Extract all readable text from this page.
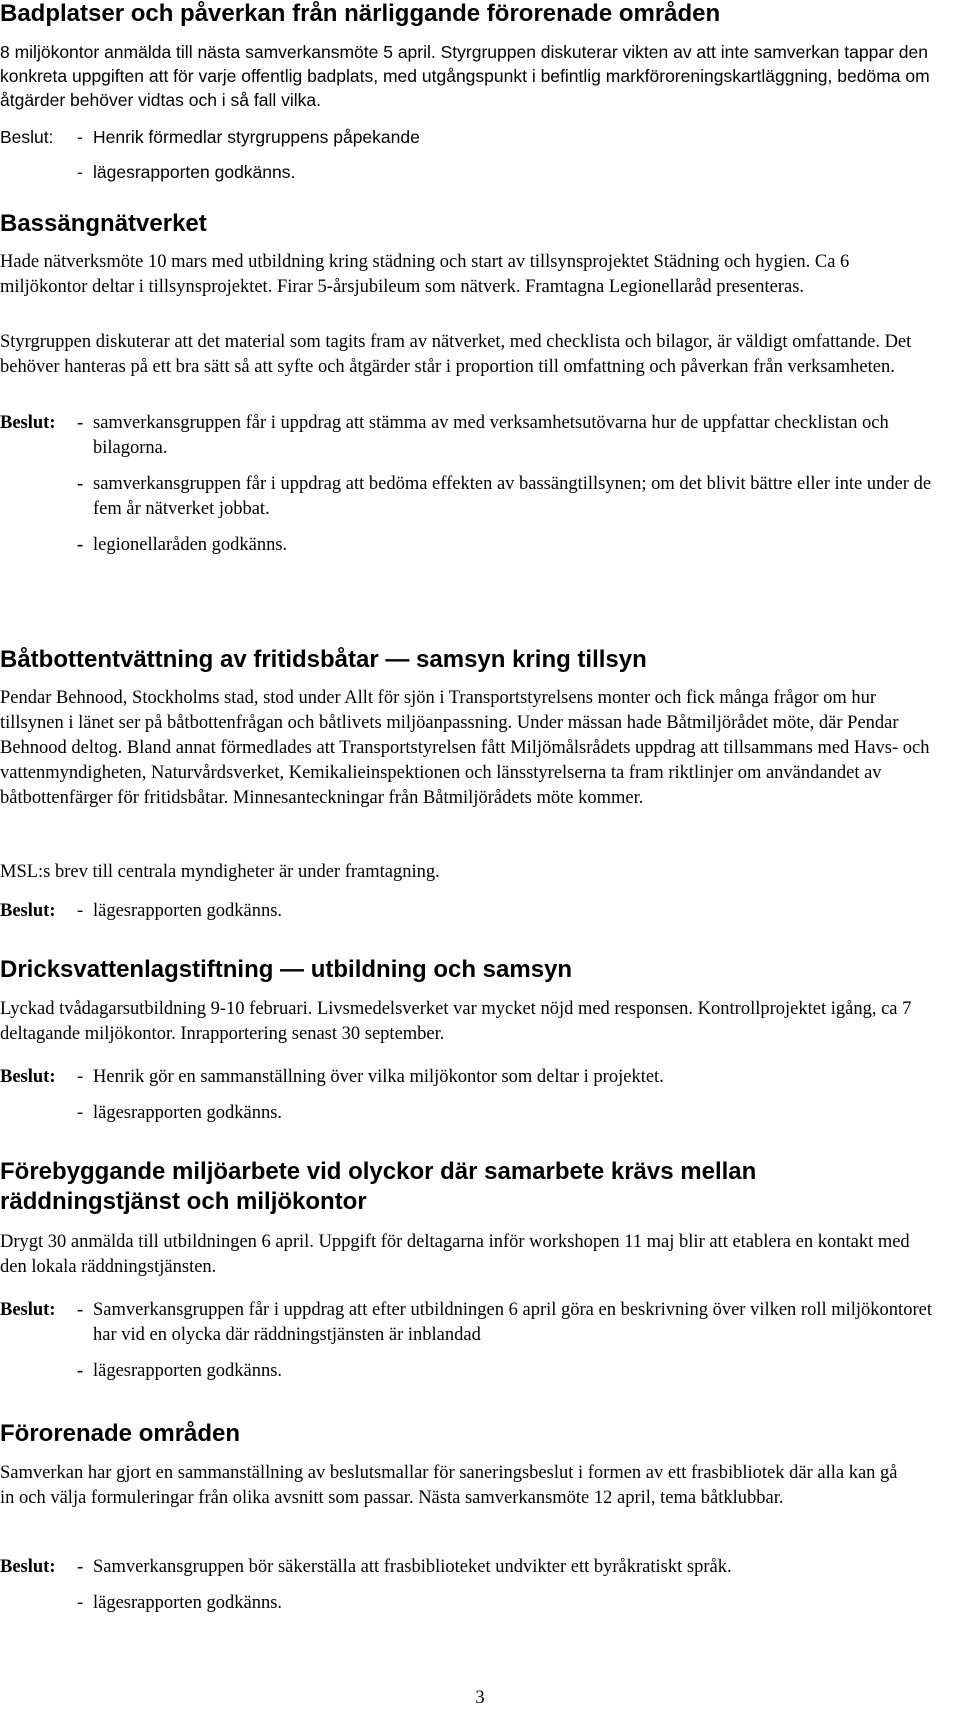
Badplatser och påverkan från närliggande förorenade områden

8 miljökontor anmälda till nästa samverkansmöte 5 april. Styrgruppen diskuterar vikten av att inte samverkan tappar den konkreta uppgiften att för varje offentlig badplats, med utgångspunkt i befintlig markföroreningskartläggning, bedöma om åtgärder behöver vidtas och i så fall vilka.

Beslut: - Henrik förmedlar styrgruppens påpekande
- lägesrapporten godkänns.
Bassängnätverket

Hade nätverksmöte 10 mars med utbildning kring städning och start av tillsynsprojektet Städning och hygien. Ca 6 miljökontor deltar i tillsynsprojektet. Firar 5-årsjubileum som nätverk. Framtagna Legionellaråd presenteras.

Styrgruppen diskuterar att det material som tagits fram av nätverket, med checklista och bilagor, är väldigt omfattande. Det behöver hanteras på ett bra sätt så att syfte och åtgärder står i proportion till omfattning och påverkan från verksamheten.

Beslut: - samverkansgruppen får i uppdrag att stämma av med verksamhetsutövarna hur de uppfattar checklistan och bilagorna.
- samverkansgruppen får i uppdrag att bedöma effekten av bassängtillsynen; om det blivit bättre eller inte under de fem år nätverket jobbat.
- legionellaråden godkänns.
Båtbottentvättning av fritidsbåtar — samsyn kring tillsyn

Pendar Behnood, Stockholms stad, stod under Allt för sjön i Transportstyrelsens monter och fick många frågor om hur tillsynen i länet ser på båtbottenfrågan och båtlivets miljöanpassning. Under mässan hade Båtmiljörådet möte, där Pendar Behnood deltog. Bland annat förmedlades att Transportstyrelsen fått Miljömålsrådets uppdrag att tillsammans med Havs- och vattenmyndigheten, Naturvårdsverket, Kemikalieinspektionen och länsstyrelserna ta fram riktlinjer om användandet av båtbottenfärger för fritidsbåtar. Minnesanteckningar från Båtmiljörådets möte kommer.

MSL:s brev till centrala myndigheter är under framtagning.

Beslut: - lägesrapporten godkänns.
Dricksvattenlagstiftning — utbildning och samsyn

Lyckad tvådagarsutbildning 9-10 februari. Livsmedelsverket var mycket nöjd med responsen. Kontrollprojektet igång, ca 7 deltagande miljökontor. Inrapportering senast 30 september.

Beslut: - Henrik gör en sammanställning över vilka miljökontor som deltar i projektet.
- lägesrapporten godkänns.
Förebyggande miljöarbete vid olyckor där samarbete krävs mellan räddningstjänst och miljökontor

Drygt 30 anmälda till utbildningen 6 april. Uppgift för deltagarna inför workshopen 11 maj blir att etablera en kontakt med den lokala räddningstjänsten.

Beslut: - Samverkansgruppen får i uppdrag att efter utbildningen 6 april göra en beskrivning över vilken roll miljökontoret har vid en olycka där räddningstjänsten är inblandad
- lägesrapporten godkänns.
Förorenade områden

Samverkan har gjort en sammanställning av beslutsmallar för saneringsbeslut i formen av ett frasbibliotek där alla kan gå in och välja formuleringar från olika avsnitt som passar. Nästa samverkansmöte 12 april, tema båtklubbar.

Beslut: - Samverkansgruppen bör säkerställa att frasbiblioteket undvikter ett byråkratiskt språk.
- lägesrapporten godkänns.
3
